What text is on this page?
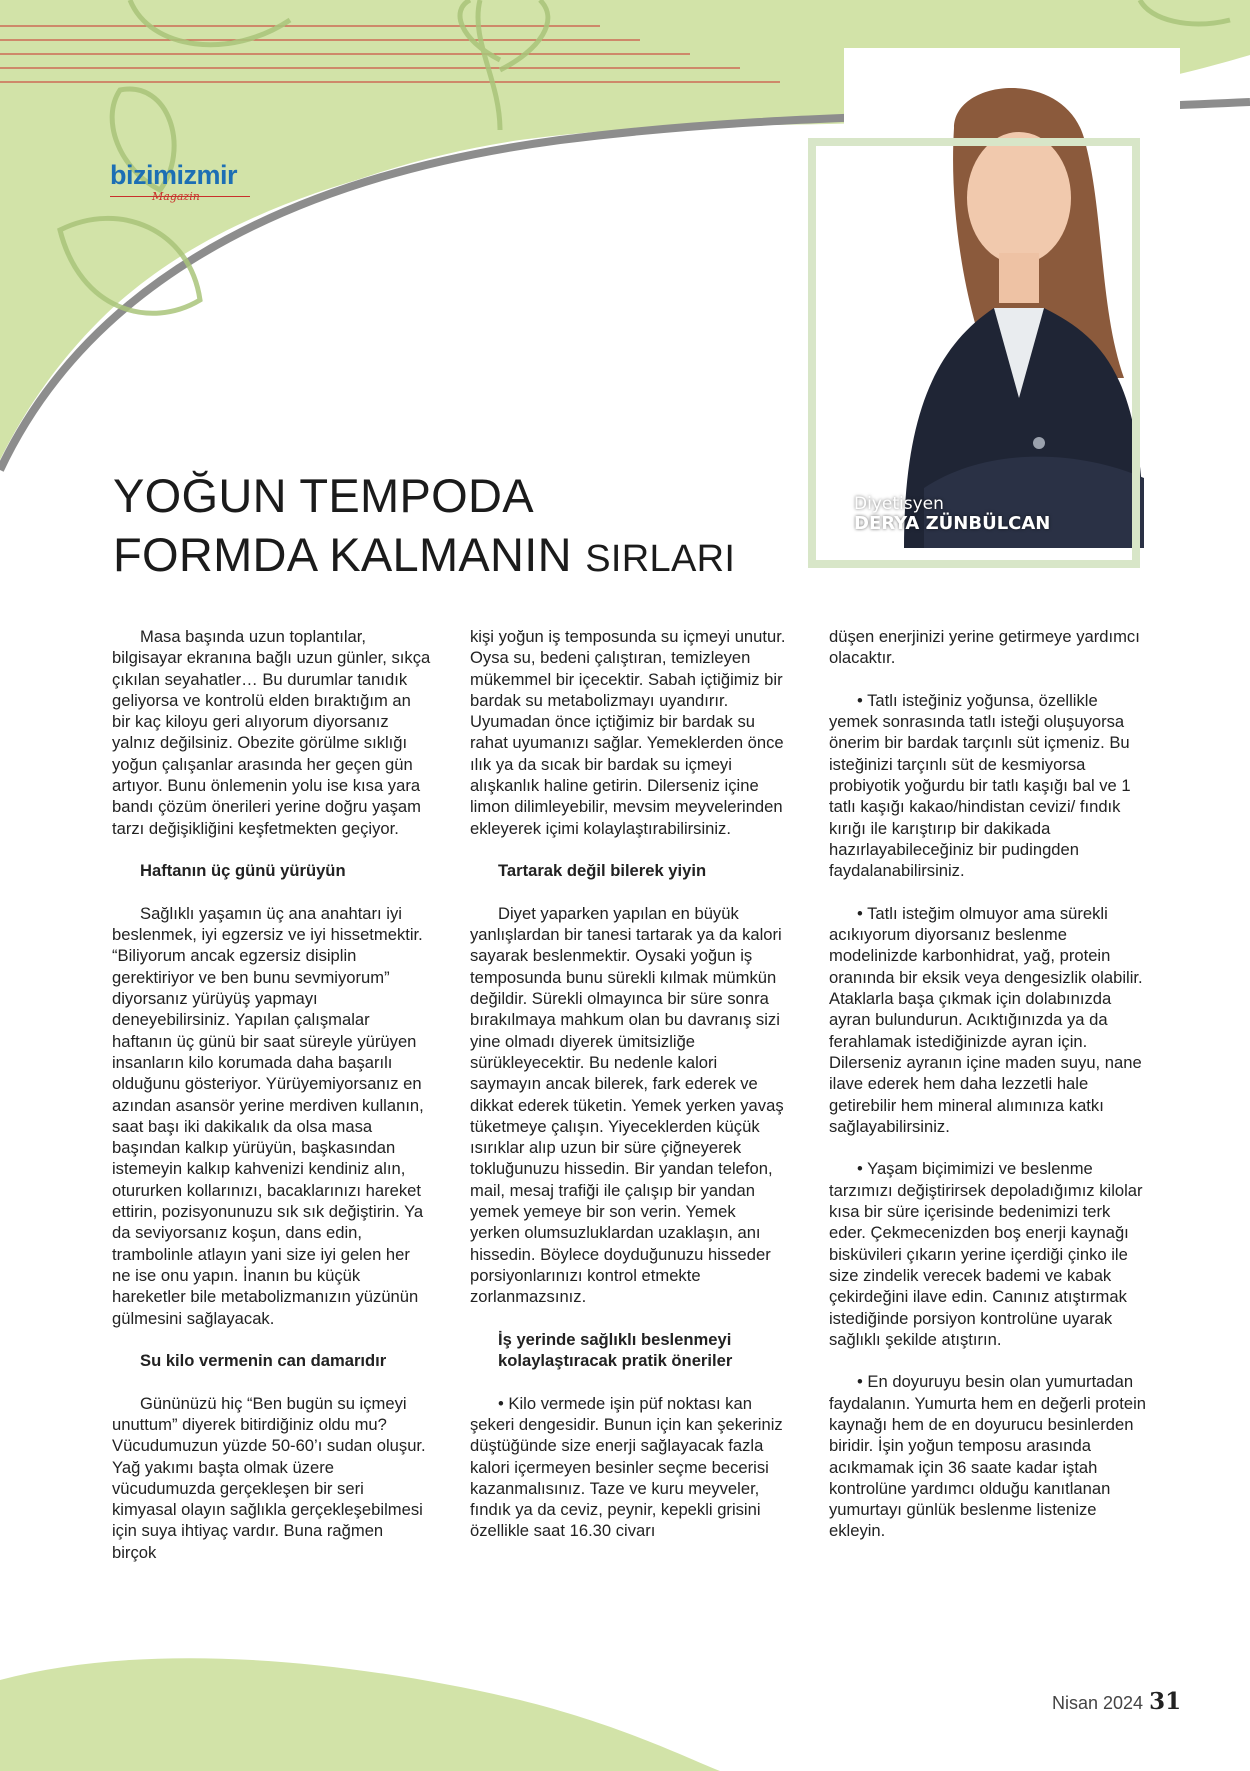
bizimizmir
Magazin
Diyetisyen
DERYA ZÜNBÜLCAN
YOĞUN TEMPODA
FORMDA KALMANIN SIRLARI

Masa başında uzun toplantılar, bilgisayar ekranına bağlı uzun günler, sıkça çıkılan seyahatler… Bu durumlar tanıdık geliyorsa ve kontrolü elden bıraktığım an bir kaç kiloyu geri alıyorum diyorsanız yalnız değilsiniz. Obezite görülme sıklığı yoğun çalışanlar arasında her geçen gün artıyor. Bunu önlemenin yolu ise kısa yara bandı çözüm önerileri yerine doğru yaşam tarzı değişikliğini keşfetmekten geçiyor.

Haftanın üç günü yürüyün

Sağlıklı yaşamın üç ana anahtarı iyi beslenmek, iyi egzersiz ve iyi hissetmektir. “Biliyorum ancak egzersiz disiplin gerektiriyor ve ben bunu sevmiyorum” diyorsanız yürüyüş yapmayı deneyebilirsiniz. Yapılan çalışmalar haftanın üç günü bir saat süreyle yürüyen insanların kilo korumada daha başarılı olduğunu gösteriyor. Yürüyemiyorsanız en azından asansör yerine merdiven kullanın, saat başı iki dakikalık da olsa masa başından kalkıp yürüyün, başkasından istemeyin kalkıp kahvenizi kendiniz alın, otururken kollarınızı, bacaklarınızı hareket ettirin, pozisyonunuzu sık sık değiştirin. Ya da seviyorsanız koşun, dans edin, trambolinle atlayın yani size iyi gelen her ne ise onu yapın. İnanın bu küçük hareketler bile metabolizmanızın yüzünün gülmesini sağlayacak.

Su kilo vermenin can damarıdır

Gününüzü hiç “Ben bugün su içmeyi unuttum” diyerek bitirdiğiniz oldu mu? Vücudumuzun yüzde 50-60’ı sudan oluşur. Yağ yakımı başta olmak üzere vücudumuzda gerçekleşen bir seri kimyasal olayın sağlıkla gerçekleşebilmesi için suya ihtiyaç vardır. Buna rağmen birçok

kişi yoğun iş temposunda su içmeyi unutur. Oysa su, bedeni çalıştıran, temizleyen mükemmel bir içecektir. Sabah içtiğimiz bir bardak su metabolizmayı uyandırır. Uyumadan önce içtiğimiz bir bardak su rahat uyumanızı sağlar. Yemeklerden önce ılık ya da sıcak bir bardak su içmeyi alışkanlık haline getirin. Dilerseniz içine limon dilimleyebilir, mevsim meyvelerinden ekleyerek içimi kolaylaştırabilirsiniz.

Tartarak değil bilerek yiyin

Diyet yaparken yapılan en büyük yanlışlardan bir tanesi tartarak ya da kalori sayarak beslenmektir. Oysaki yoğun iş temposunda bunu sürekli kılmak mümkün değildir. Sürekli olmayınca bir süre sonra bırakılmaya mahkum olan bu davranış sizi yine olmadı diyerek ümitsizliğe sürükleyecektir. Bu nedenle kalori saymayın ancak bilerek, fark ederek ve dikkat ederek tüketin. Yemek yerken yavaş tüketmeye çalışın. Yiyeceklerden küçük ısırıklar alıp uzun bir süre çiğneyerek tokluğunuzu hissedin. Bir yandan telefon, mail, mesaj trafiği ile çalışıp bir yandan yemek yemeye bir son verin. Yemek yerken olumsuzluklardan uzaklaşın, anı hissedin. Böylece doyduğunuzu hisseder porsiyonlarınızı kontrol etmekte zorlanmazsınız.

İş yerinde sağlıklı beslenmeyi kolaylaştıracak pratik öneriler

• Kilo vermede işin püf noktası kan şekeri dengesidir. Bunun için kan şekeriniz düştüğünde size enerji sağlayacak fazla kalori içermeyen besinler seçme becerisi kazanmalısınız. Taze ve kuru meyveler, fındık ya da ceviz, peynir, kepekli grisini özellikle saat 16.30 civarı

düşen enerjinizi yerine getirmeye yardımcı olacaktır.

• Tatlı isteğiniz yoğunsa, özellikle yemek sonrasında tatlı isteği oluşuyorsa önerim bir bardak tarçınlı süt içmeniz. Bu isteğinizi tarçınlı süt de kesmiyorsa probiyotik yoğurdu bir tatlı kaşığı bal ve 1 tatlı kaşığı kakao/hindistan cevizi/ fındık kırığı ile karıştırıp bir dakikada hazırlayabileceğiniz bir pudingden faydalanabilirsiniz.

• Tatlı isteğim olmuyor ama sürekli acıkıyorum diyorsanız beslenme modelinizde karbonhidrat, yağ, protein oranında bir eksik veya dengesizlik olabilir. Ataklarla başa çıkmak için dolabınızda ayran bulundurun. Acıktığınızda ya da ferahlamak istediğinizde ayran için. Dilerseniz ayranın içine maden suyu, nane ilave ederek hem daha lezzetli hale getirebilir hem mineral alımınıza katkı sağlayabilirsiniz.

• Yaşam biçimimizi ve beslenme tarzımızı değiştirirsek depoladığımız kilolar kısa bir süre içerisinde bedenimizi terk eder. Çekmecenizden boş enerji kaynağı bisküvileri çıkarın yerine içerdiği çinko ile size zindelik verecek bademi ve kabak çekirdeğini ilave edin. Canınız atıştırmak istediğinde porsiyon kontrolüne uyarak sağlıklı şekilde atıştırın.

• En doyuruyu besin olan yumurtadan faydalanın. Yumurta hem en değerli protein kaynağı hem de en doyurucu besinlerden biridir. İşin yoğun temposu arasında acıkmamak için 36 saate kadar iştah kontrolüne yardımcı olduğu kanıtlanan yumurtayı günlük beslenme listenize ekleyin.

Nisan 2024 31
